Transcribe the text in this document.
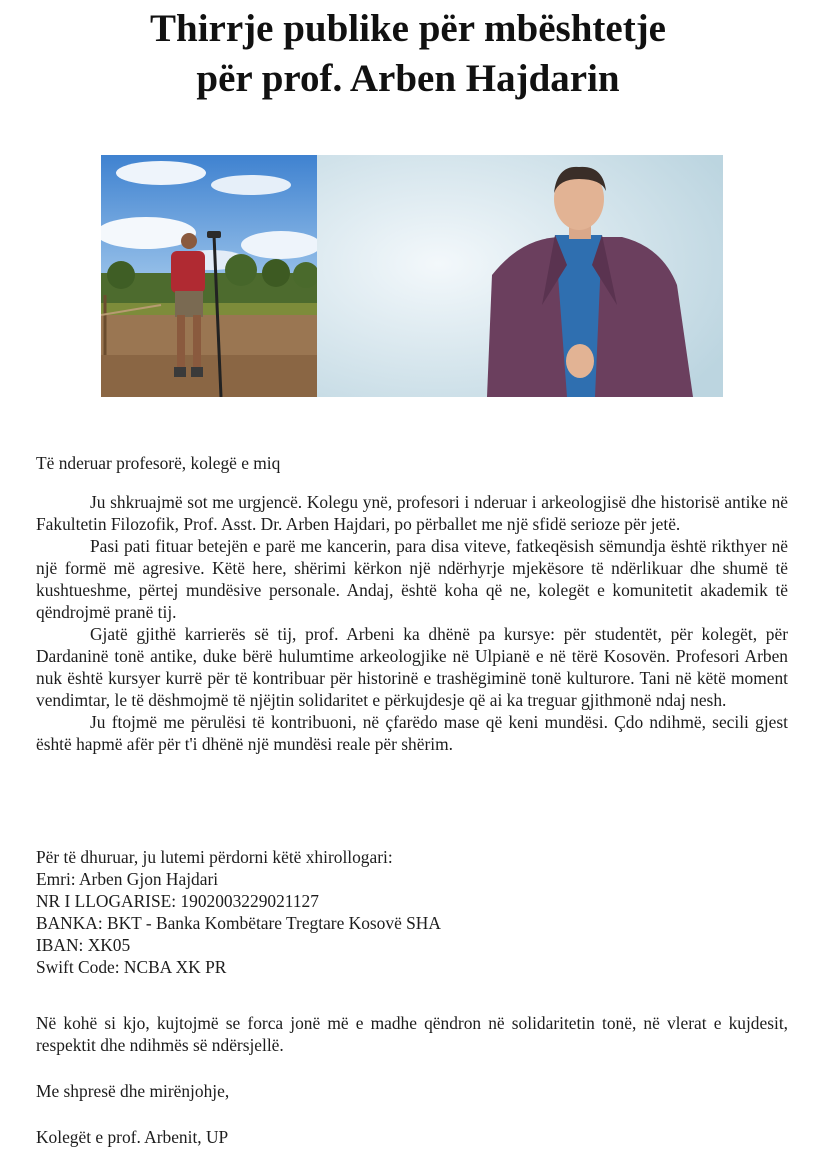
Thirrje publike për mbështetje
për prof. Arben Hajdarin
Të nderuar profesorë, kolegë e miq
Ju shkruajmë sot me urgjencë. Kolegu ynë, profesori i nderuar i arkeologjisë dhe historisë antike në Fakultetin Filozofik, Prof. Asst. Dr. Arben Hajdari, po përballet me një sfidë serioze për jetë.
Pasi pati fituar betejën e parë me kancerin, para disa viteve, fatkeqësish sëmundja është rikthyer në një formë më agresive. Këtë here, shërimi kërkon një ndërhyrje mjekësore të ndërlikuar dhe shumë të kushtueshme, përtej mundësive personale. Andaj, është koha që ne, kolegët e komunitetit akademik të qëndrojmë pranë tij.
Gjatë gjithë karrierës së tij, prof. Arbeni ka dhënë pa kursye: për studentët, për kolegët, për Dardaninë tonë antike, duke bërë hulumtime arkeologjike në Ulpianë e në tërë Kosovën. Profesori Arben nuk është kursyer kurrë për të kontribuar për historinë e trashëgiminë tonë kulturore. Tani në këtë moment vendimtar, le të dëshmojmë të njëjtin solidaritet e përkujdesje që ai ka treguar gjithmonë ndaj nesh.
Ju ftojmë me përulësi të kontribuoni, në çfarëdo mase që keni mundësi. Çdo ndihmë, secili gjest është hapmë afër për t'i dhënë një mundësi reale për shërim.
Për të dhuruar, ju lutemi përdorni këtë xhirollogari:
Emri: Arben Gjon Hajdari
NR I LLOGARISE: 1902003229021127
BANKA: BKT - Banka Kombëtare Tregtare Kosovë SHA
IBAN: XK05
Swift Code: NCBA XK PR
Në kohë si kjo, kujtojmë se forca jonë më e madhe qëndron në solidaritetin tonë, në vlerat e kujdesit, respektit dhe ndihmës së ndërsjellë.
Me shpresë dhe mirënjohje,
Kolegët e prof. Arbenit, UP
